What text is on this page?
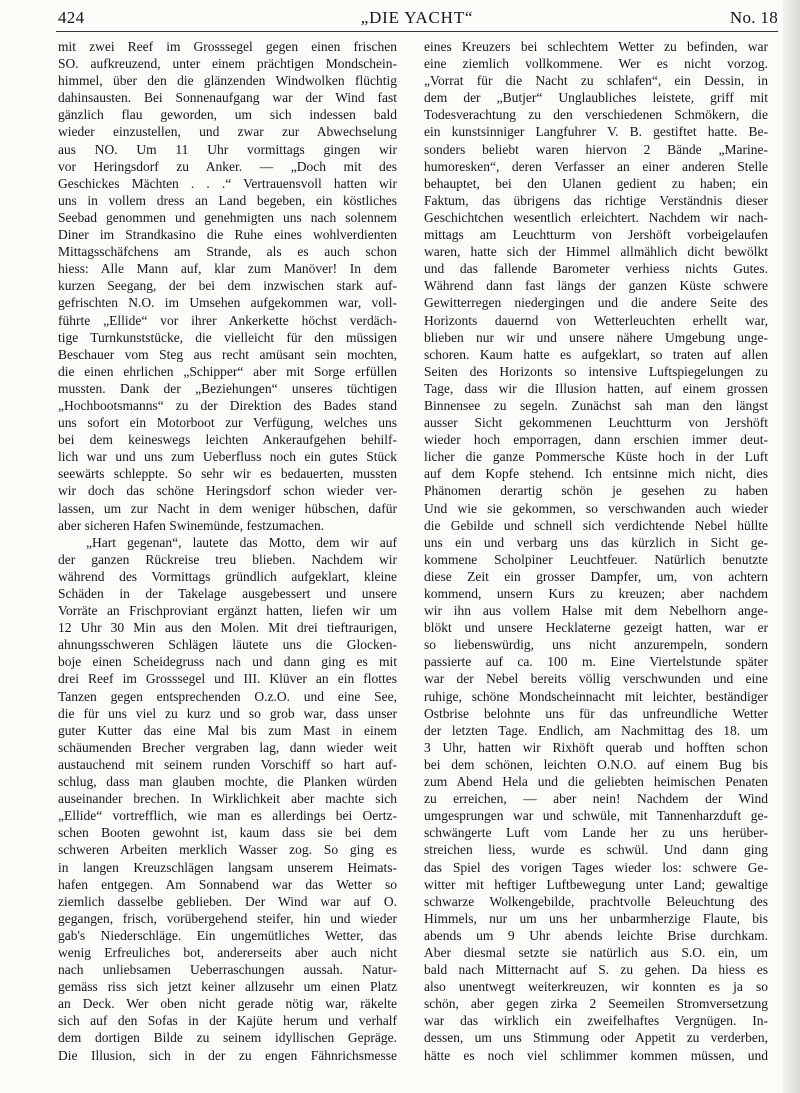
424	„DIE YACHT“	No. 18
mit zwei Reef im Grosssegel gegen einen frischen
SO. aufkreuzend, unter einem prächtigen Mondschein-
himmel, über den die glänzenden Windwolken flüchtig
dahinsausten. Bei Sonnenaufgang war der Wind fast
gänzlich flau geworden, um sich indessen bald
wieder einzustellen, und zwar zur Abwechselung
aus NO. Um 11 Uhr vormittags gingen wir
vor Heringsdorf zu Anker. — „Doch mit des
Geschickes Mächten . . .“ Vertrauensvoll hatten wir
uns in vollem dress an Land begeben, ein köstliches
Seebad genommen und genehmigten uns nach solennem
Diner im Strandkasino die Ruhe eines wohlverdienten
Mittagsschäfchens am Strande, als es auch schon
hiess: Alle Mann auf, klar zum Manöver! In dem
kurzen Seegang, der bei dem inzwischen stark auf-
gefrischten N.O. im Umsehen aufgekommen war, voll-
führte „Ellide“ vor ihrer Ankerkette höchst verdäch-
tige Turnkunststücke, die vielleicht für den müssigen
Beschauer vom Steg aus recht amüsant sein mochten,
die einen ehrlichen „Schipper“ aber mit Sorge erfüllen
mussten. Dank der „Beziehungen“ unseres tüchtigen
„Hochbootsmanns“ zu der Direktion des Bades stand
uns sofort ein Motorboot zur Verfügung, welches uns
bei dem keineswegs leichten Ankeraufgehen behilf-
lich war und uns zum Ueberfluss noch ein gutes Stück
seewärts schleppte. So sehr wir es bedauerten, mussten
wir doch das schöne Heringsdorf schon wieder ver-
lassen, um zur Nacht in dem weniger hübschen, dafür
aber sicheren Hafen Swinemünde, festzumachen.
„Hart gegenan“, lautete das Motto, dem wir auf
der ganzen Rückreise treu blieben. Nachdem wir
während des Vormittags gründlich aufgeklart, kleine
Schäden in der Takelage ausgebessert und unsere
Vorräte an Frischproviant ergänzt hatten, liefen wir um
12 Uhr 30 Min aus den Molen. Mit drei tieftraurigen,
ahnungsschweren Schlägen läutete uns die Glocken-
boje einen Scheidegruss nach und dann ging es mit
drei Reef im Grosssegel und III. Klüver an ein flottes
Tanzen gegen entsprechenden O.z.O. und eine See,
die für uns viel zu kurz und so grob war, dass unser
guter Kutter das eine Mal bis zum Mast in einem
schäumenden Brecher vergraben lag, dann wieder weit
austauchend mit seinem runden Vorschiff so hart auf-
schlug, dass man glauben mochte, die Planken würden
auseinander brechen. In Wirklichkeit aber machte sich
„Ellide“ vortrefflich, wie man es allerdings bei Oertz-
schen Booten gewohnt ist, kaum dass sie bei dem
schweren Arbeiten merklich Wasser zog. So ging es
in langen Kreuzschlägen langsam unserem Heimats-
hafen entgegen. Am Sonnabend war das Wetter so
ziemlich dasselbe geblieben. Der Wind war auf O.
gegangen, frisch, vorübergehend steifer, hin und wieder
gab's Niederschläge. Ein ungemütliches Wetter, das
wenig Erfreuliches bot, andererseits aber auch nicht
nach unliebsamen Ueberraschungen aussah. Natur-
gemäss riss sich jetzt keiner allzusehr um einen Platz
an Deck. Wer oben nicht gerade nötig war, räkelte
sich auf den Sofas in der Kajüte herum und verhalf
dem dortigen Bilde zu seinem idyllischen Gepräge.
Die Illusion, sich in der zu engen Fähnrichsmesse
eines Kreuzers bei schlechtem Wetter zu befinden, war
eine ziemlich vollkommene. Wer es nicht vorzog.
„Vorrat für die Nacht zu schlafen“, ein Dessin, in
dem der „Butjer“ Unglaubliches leistete, griff mit
Todesverachtung zu den verschiedenen Schmökern, die
ein kunstsinniger Langfuhrer V. B. gestiftet hatte. Be-
sonders beliebt waren hiervon 2 Bände „Marine-
humoresken“, deren Verfasser an einer anderen Stelle
behauptet, bei den Ulanen gedient zu haben; ein
Faktum, das übrigens das richtige Verständnis dieser
Geschichtchen wesentlich erleichtert. Nachdem wir nach-
mittags am Leuchtturm von Jershöft vorbeigelaufen
waren, hatte sich der Himmel allmählich dicht bewölkt
und das fallende Barometer verhiess nichts Gutes.
Während dann fast längs der ganzen Küste schwere
Gewitterregen niedergingen und die andere Seite des
Horizonts dauernd von Wetterleuchten erhellt war,
blieben nur wir und unsere nähere Umgebung unge-
schoren. Kaum hatte es aufgeklart, so traten auf allen
Seiten des Horizonts so intensive Luftspiegelungen zu
Tage, dass wir die Illusion hatten, auf einem grossen
Binnensee zu segeln. Zunächst sah man den längst
ausser Sicht gekommenen Leuchtturm von Jershöft
wieder hoch emporragen, dann erschien immer deut-
licher die ganze Pommersche Küste hoch in der Luft
auf dem Kopfe stehend. Ich entsinne mich nicht, dies
Phänomen derartig schön je gesehen zu haben
Und wie sie gekommen, so verschwanden auch wieder
die Gebilde und schnell sich verdichtende Nebel hüllte
uns ein und verbarg uns das kürzlich in Sicht ge-
kommene Scholpiner Leuchtfeuer. Natürlich benutzte
diese Zeit ein grosser Dampfer, um, von achtern
kommend, unsern Kurs zu kreuzen; aber nachdem
wir ihn aus vollem Halse mit dem Nebelhorn ange-
blökt und unsere Hecklaterne gezeigt hatten, war er
so liebenswürdig, uns nicht anzurempeln, sondern
passierte auf ca. 100 m. Eine Viertelstunde später
war der Nebel bereits völlig verschwunden und eine
ruhige, schöne Mondscheinnacht mit leichter, beständiger
Ostbrise belohnte uns für das unfreundliche Wetter
der letzten Tage. Endlich, am Nachmittag des 18. um
3 Uhr, hatten wir Rixhöft querab und hofften schon
bei dem schönen, leichten O.N.O. auf einem Bug bis
zum Abend Hela und die geliebten heimischen Penaten
zu erreichen, — aber nein! Nachdem der Wind
umgesprungen war und schwüle, mit Tannenharzduft ge-
schwängerte Luft vom Lande her zu uns herüber-
streichen liess, wurde es schwül. Und dann ging
das Spiel des vorigen Tages wieder los: schwere Ge-
witter mit heftiger Luftbewegung unter Land; gewaltige
schwarze Wolkengebilde, prachtvolle Beleuchtung des
Himmels, nur um uns her unbarmherzige Flaute, bis
abends um 9 Uhr abends leichte Brise durchkam.
Aber diesmal setzte sie natürlich aus S.O. ein, um
bald nach Mitternacht auf S. zu gehen. Da hiess es
also unentwegt weiterkreuzen, wir konnten es ja so
schön, aber gegen zirka 2 Seemeilen Stromversetzung
war das wirklich ein zweifelhaftes Vergnügen. In-
dessen, um uns Stimmung oder Appetit zu verderben,
hätte es noch viel schlimmer kommen müssen, und
